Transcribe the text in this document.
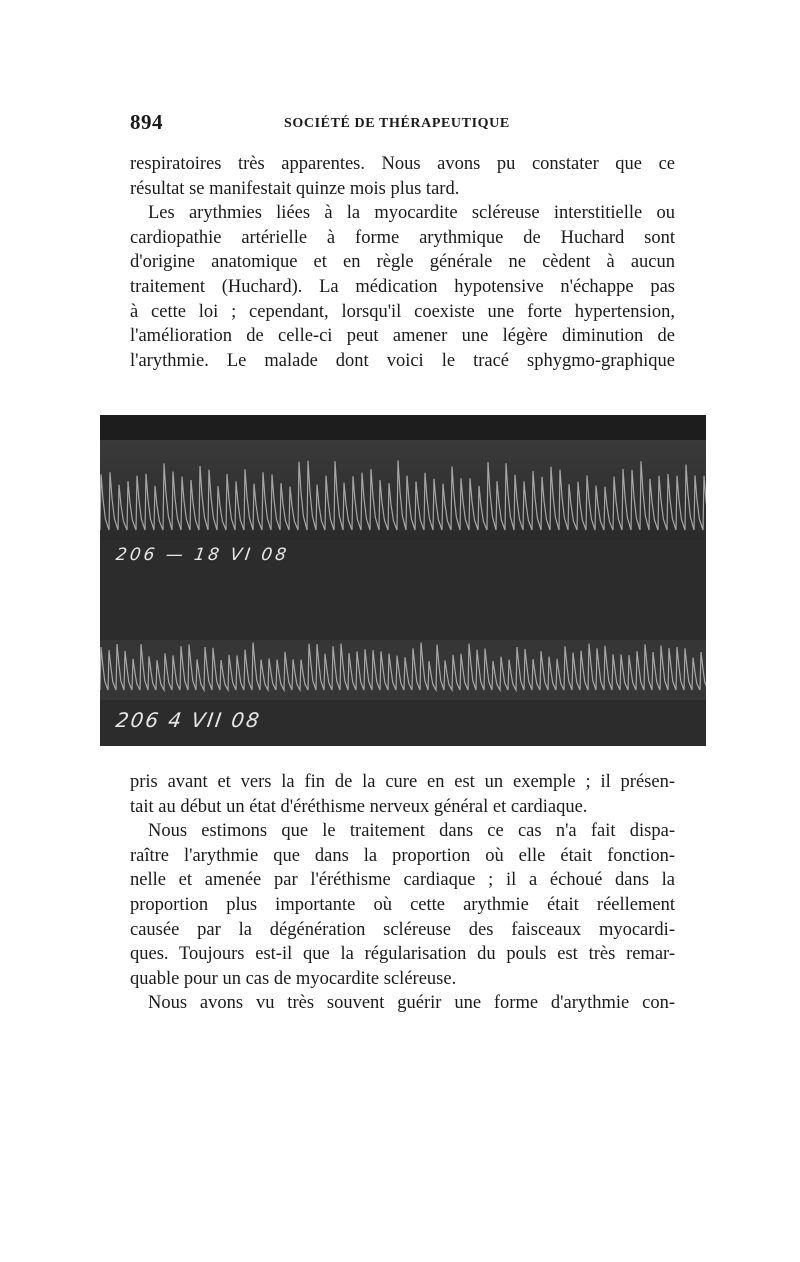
894	SOCIÉTÉ DE THÉRAPEUTIQUE
respiratoires très apparentes. Nous avons pu constater que ce
résultat se manifestait quinze mois plus tard.
Les arythmies liées à la myocardite scléreuse interstitielle ou
cardiopathie artérielle à forme arythmique de Huchard sont
d'origine anatomique et en règle générale ne cèdent à aucun
traitement (Huchard). La médication hypotensive n'échappe pas
à cette loi ; cependant, lorsqu'il coexiste une forte hypertension,
l'amélioration de celle-ci peut amener une légère diminution de
l'arythmie. Le malade dont voici le tracé sphygmo-graphique
206 — 18 VI 08
206 4 VII 08
pris avant et vers la fin de la cure en est un exemple ; il présen-
tait au début un état d'éréthisme nerveux général et cardiaque.
Nous estimons que le traitement dans ce cas n'a fait dispa-
raître l'arythmie que dans la proportion où elle était fonction-
nelle et amenée par l'éréthisme cardiaque ; il a échoué dans la
proportion plus importante où cette arythmie était réellement
causée par la dégénération scléreuse des faisceaux myocardi-
ques. Toujours est-il que la régularisation du pouls est très remar-
quable pour un cas de myocardite scléreuse.
Nous avons vu très souvent guérir une forme d'arythmie con-
